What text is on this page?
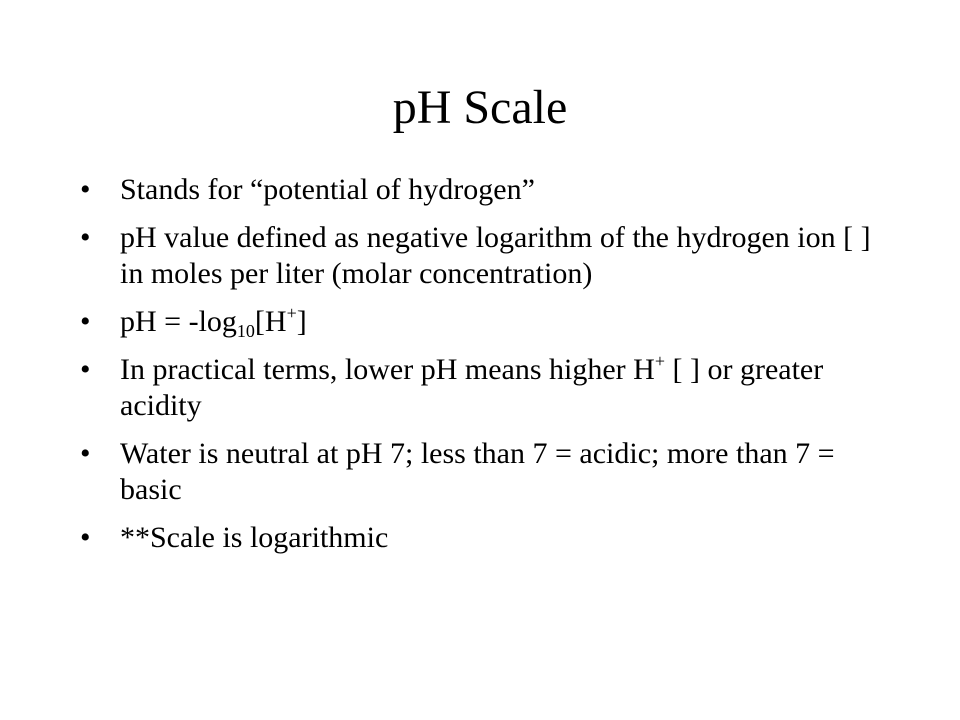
pH Scale
• Stands for “potential of hydrogen”
• pH value defined as negative logarithm of the hydrogen ion [ ] in moles per liter (molar concentration)
• pH = $-\log_{10}[H^+]$
• In practical terms, lower pH means higher H+ [ ] or greater acidity
• Water is neutral at pH 7; less than 7 = acidic; more than 7 = basic
• **Scale is logarithmic
